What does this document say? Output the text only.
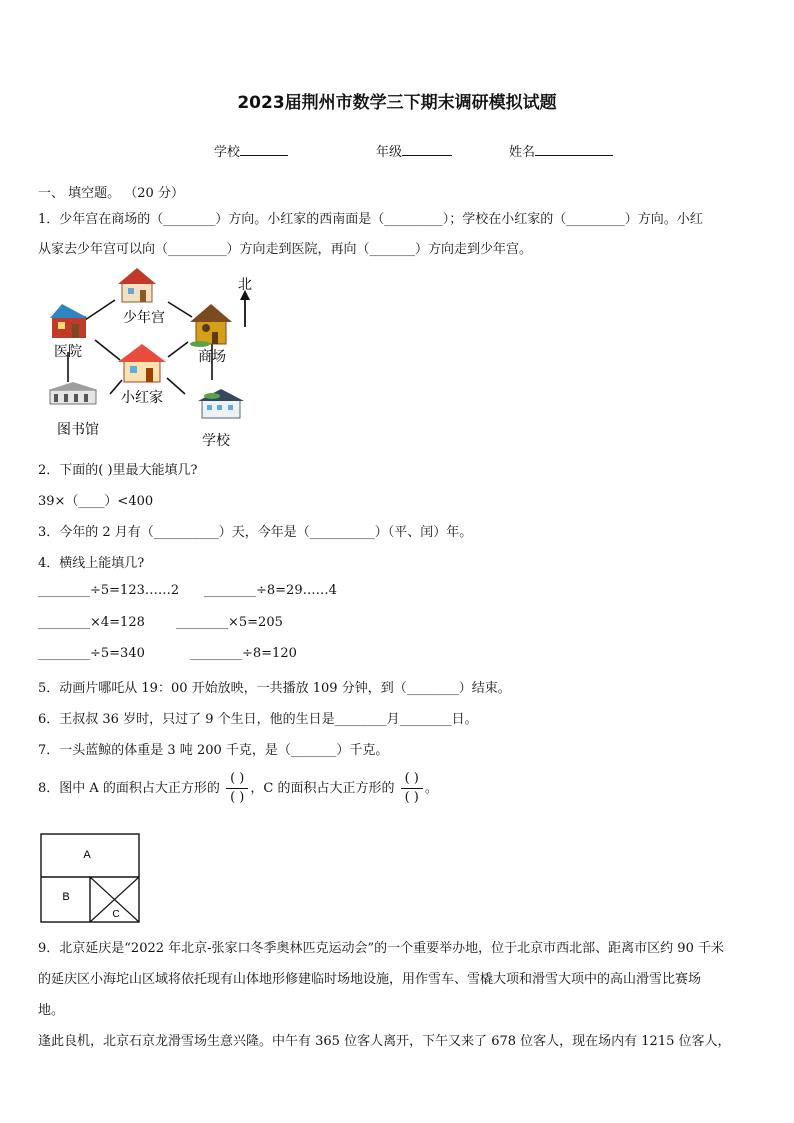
2023届荆州市数学三下期末调研模拟试题
学校	年级	姓名
一、 填空题。 （20 分）
1．少年宫在商场的（________）方向。小红家的西南面是（_________）；学校在小红家的（_________）方向。小红
从家去少年宫可以向（_________）方向走到医院，再向（_______）方向走到少年宫。
北
少年宫
医院	商场
小红家
图书馆
学校
2．下面的( )里最大能填几?
39×（____）<400
3．今年的 2 月有（__________）天，今年是（__________）（平、闰）年。
4．横线上能填几?
________÷5=123……2 ________÷8=29……4
________×4=128 ________×5=205
________÷5=340	________÷8=120
5．动画片哪吒从 19：00 开始放映，一共播放 109 分钟，到（________）结束。
6．王叔叔 36 岁时，只过了 9 个生日，他的生日是________月________日。
7．一头蓝鲸的体重是 3 吨 200 千克，是（_______）千克。
8．图中 A 的面积占大正方形的 $\frac{( )}{( )}$ ，C 的面积占大正方形的 $\frac{( )}{( )}$ 。
A
B
C
9．北京延庆是“2022 年北京-张家口冬季奥林匹克运动会”的一个重要举办地，位于北京市西北部、距离市区约 90 千米
的延庆区小海坨山区域将依托现有山体地形修建临时场地设施，用作雪车、雪橇大项和滑雪大项中的高山滑雪比赛场
地。
逢此良机，北京石京龙滑雪场生意兴隆。中午有 365 位客人离开，下午又来了 678 位客人，现在场内有 1215 位客人，
